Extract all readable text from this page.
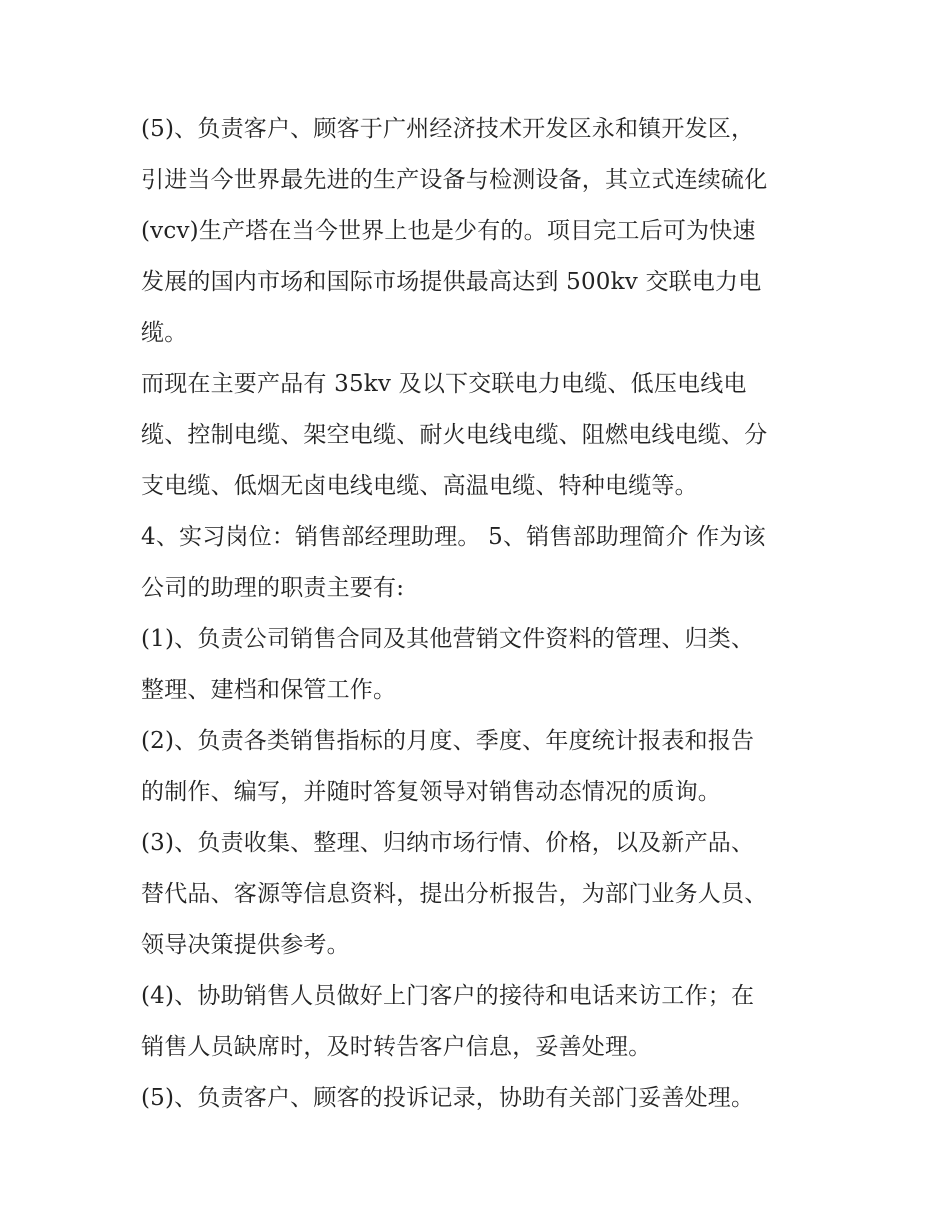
(5)、负责客户、顾客于广州经济技术开发区永和镇开发区，
引进当今世界最先进的生产设备与检测设备，其立式连续硫化
(vcv)生产塔在当今世界上也是少有的。项目完工后可为快速
发展的国内市场和国际市场提供最高达到 500kv 交联电力电
缆。
而现在主要产品有 35kv 及以下交联电力电缆、低压电线电
缆、控制电缆、架空电缆、耐火电线电缆、阻燃电线电缆、分
支电缆、低烟无卤电线电缆、高温电缆、特种电缆等。
4、实习岗位：销售部经理助理。 5、销售部助理简介 作为该
公司的助理的职责主要有:
(1)、负责公司销售合同及其他营销文件资料的管理、归类、
整理、建档和保管工作。
(2)、负责各类销售指标的月度、季度、年度统计报表和报告
的制作、编写，并随时答复领导对销售动态情况的质询。
(3)、负责收集、整理、归纳市场行情、价格，以及新产品、
替代品、客源等信息资料，提出分析报告，为部门业务人员、
领导决策提供参考。
(4)、协助销售人员做好上门客户的接待和电话来访工作；在
销售人员缺席时，及时转告客户信息，妥善处理。
(5)、负责客户、顾客的投诉记录，协助有关部门妥善处理。
